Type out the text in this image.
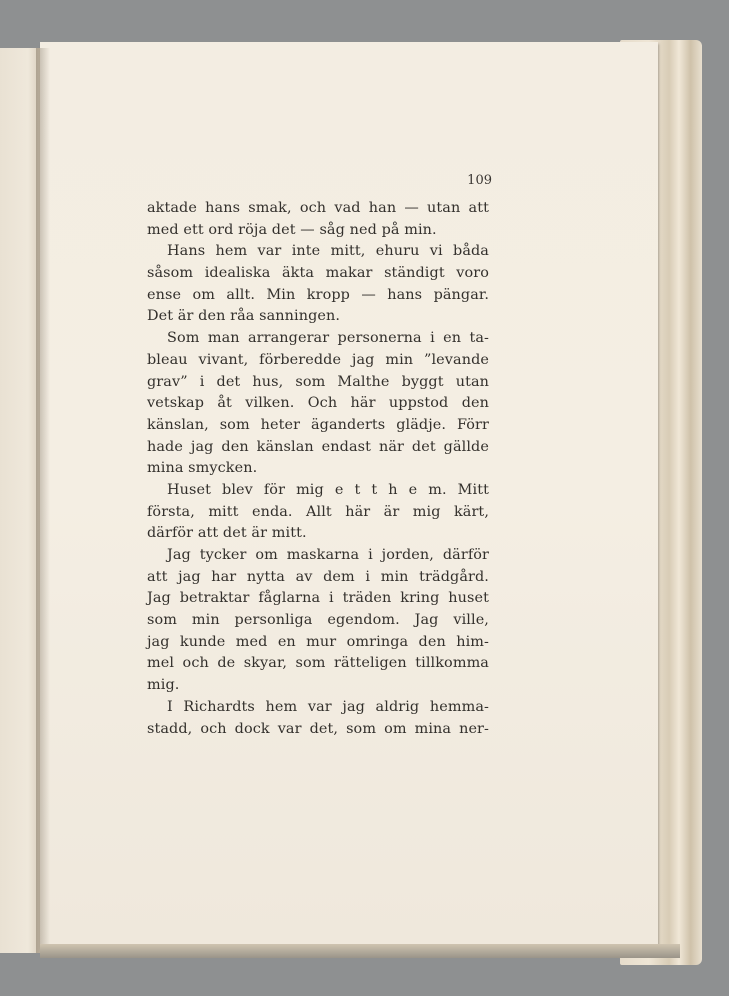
109
aktade hans smak, och vad han — utan att
med ett ord röja det — såg ned på min.
Hans hem var inte mitt, ehuru vi båda
såsom idealiska äkta makar ständigt voro
ense om allt. Min kropp — hans pängar.
Det är den råa sanningen.
Som man arrangerar personerna i en ta-
bleau vivant, förberedde jag min ”levande
grav” i det hus, som Malthe byggt utan
vetskap åt vilken. Och här uppstod den
känslan, som heter äganderts glädje. Förr
hade jag den känslan endast när det gällde
mina smycken.
Huset blev för mig e t t h e m. Mitt
första, mitt enda. Allt här är mig kärt,
därför att det är mitt.
Jag tycker om maskarna i jorden, därför
att jag har nytta av dem i min trädgård.
Jag betraktar fåglarna i träden kring huset
som min personliga egendom. Jag ville,
jag kunde med en mur omringa den him-
mel och de skyar, som rätteligen tillkomma
mig.
I Richardts hem var jag aldrig hemma-
stadd, och dock var det, som om mina ner-
